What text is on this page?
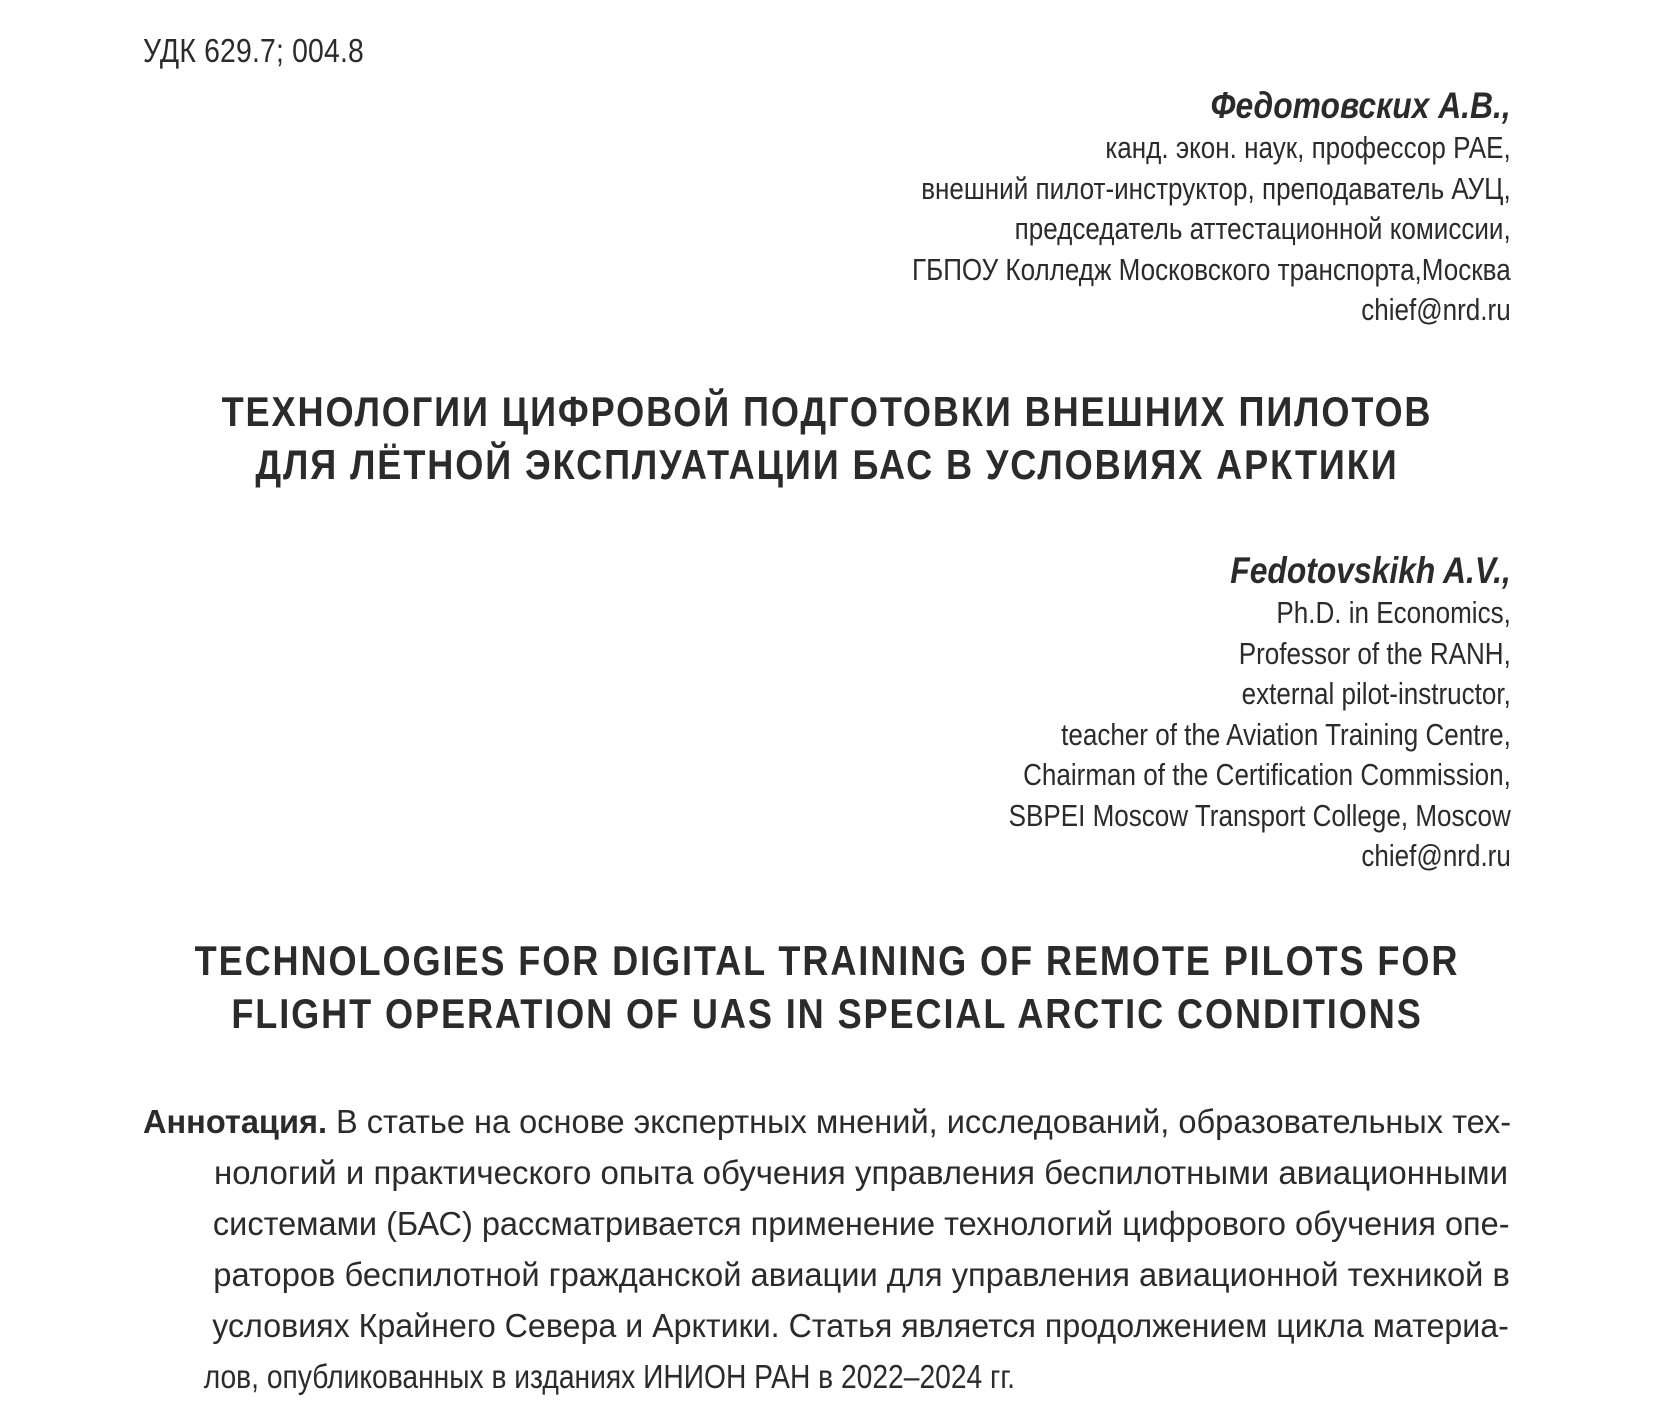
УДК 629.7; 004.8
Федотовских А.В.,
канд. экон. наук, профессор РАЕ,
внешний пилот-инструктор, преподаватель АУЦ,
председатель аттестационной комиссии,
ГБПОУ Колледж Московского транспорта,Москва
chief@nrd.ru
ТЕХНОЛОГИИ ЦИФРОВОЙ ПОДГОТОВКИ ВНЕШНИХ ПИЛОТОВ
ДЛЯ ЛЁТНОЙ ЭКСПЛУАТАЦИИ БАС В УСЛОВИЯХ АРКТИКИ
Fedotovskikh A.V.,
Ph.D. in Economics,
Professor of the RANH,
external pilot-instructor,
teacher of the Aviation Training Centre,
Chairman of the Certification Commission,
SBPEI Moscow Transport College, Moscow
chief@nrd.ru
TECHNOLOGIES FOR DIGITAL TRAINING OF REMOTE PILOTS FOR
FLIGHT OPERATION OF UAS IN SPECIAL ARCTIC CONDITIONS
Аннотация. В статье на основе экспертных мнений, исследований, образовательных тех-
нологий и практического опыта обучения управления беспилотными авиационными
системами (БАС) рассматривается применение технологий цифрового обучения опе-
раторов беспилотной гражданской авиации для управления авиационной техникой в
условиях Крайнего Севера и Арктики. Статья является продолжением цикла материа-
лов, опубликованных в изданиях ИНИОН РАН в 2022–2024 гг.
